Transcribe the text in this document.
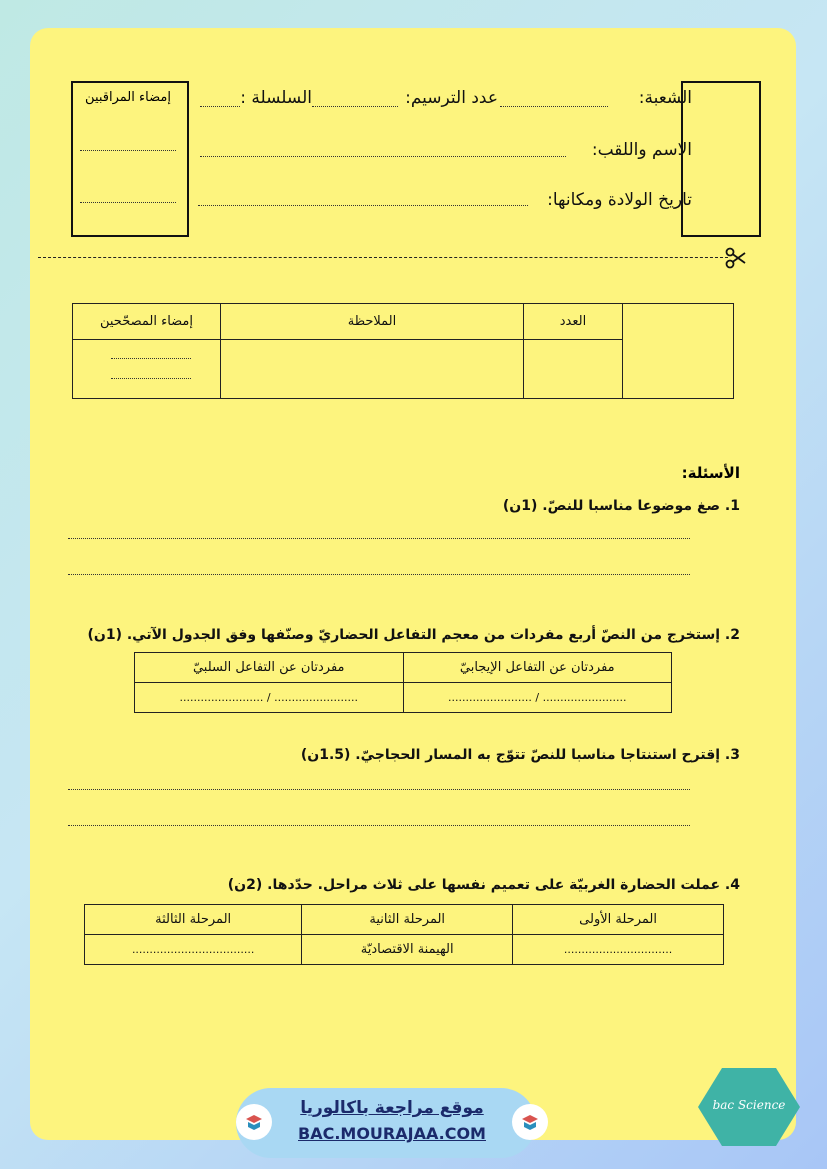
الشعبة:
عدد الترسيم:
السلسلة :
الاسم واللقب:
تاريخ الولادة ومكانها:
إمضاء المراقبين
	العدد	الملاحظة	إمضاء المصحّحين

الأسئلة:
1. صغ موضوعا مناسبا للنصّ. (1ن)
2. إستخرج من النصّ أربع مفردات من معجم التفاعل الحضاريّ وصنّفها وفق الجدول الآتي. (1ن)
مفردتان عن التفاعل الإيجابيّ	مفردتان عن التفاعل السلبيّ
........................ / ........................	........................ / ........................
3. إقترح استنتاجا مناسبا للنصّ تتوّج به المسار الحجاجيّ. (1.5ن)
4. عملت الحضارة الغربيّة على تعميم نفسها على ثلاث مراحل. حدّدها. (2ن)
المرحلة الأولى	المرحلة الثانية	المرحلة الثالثة
...............................	الهيمنة الاقتصاديّة	...................................
موقع مراجعة باكالوريا
BAC.MOURAJAA.COM
bac Science
